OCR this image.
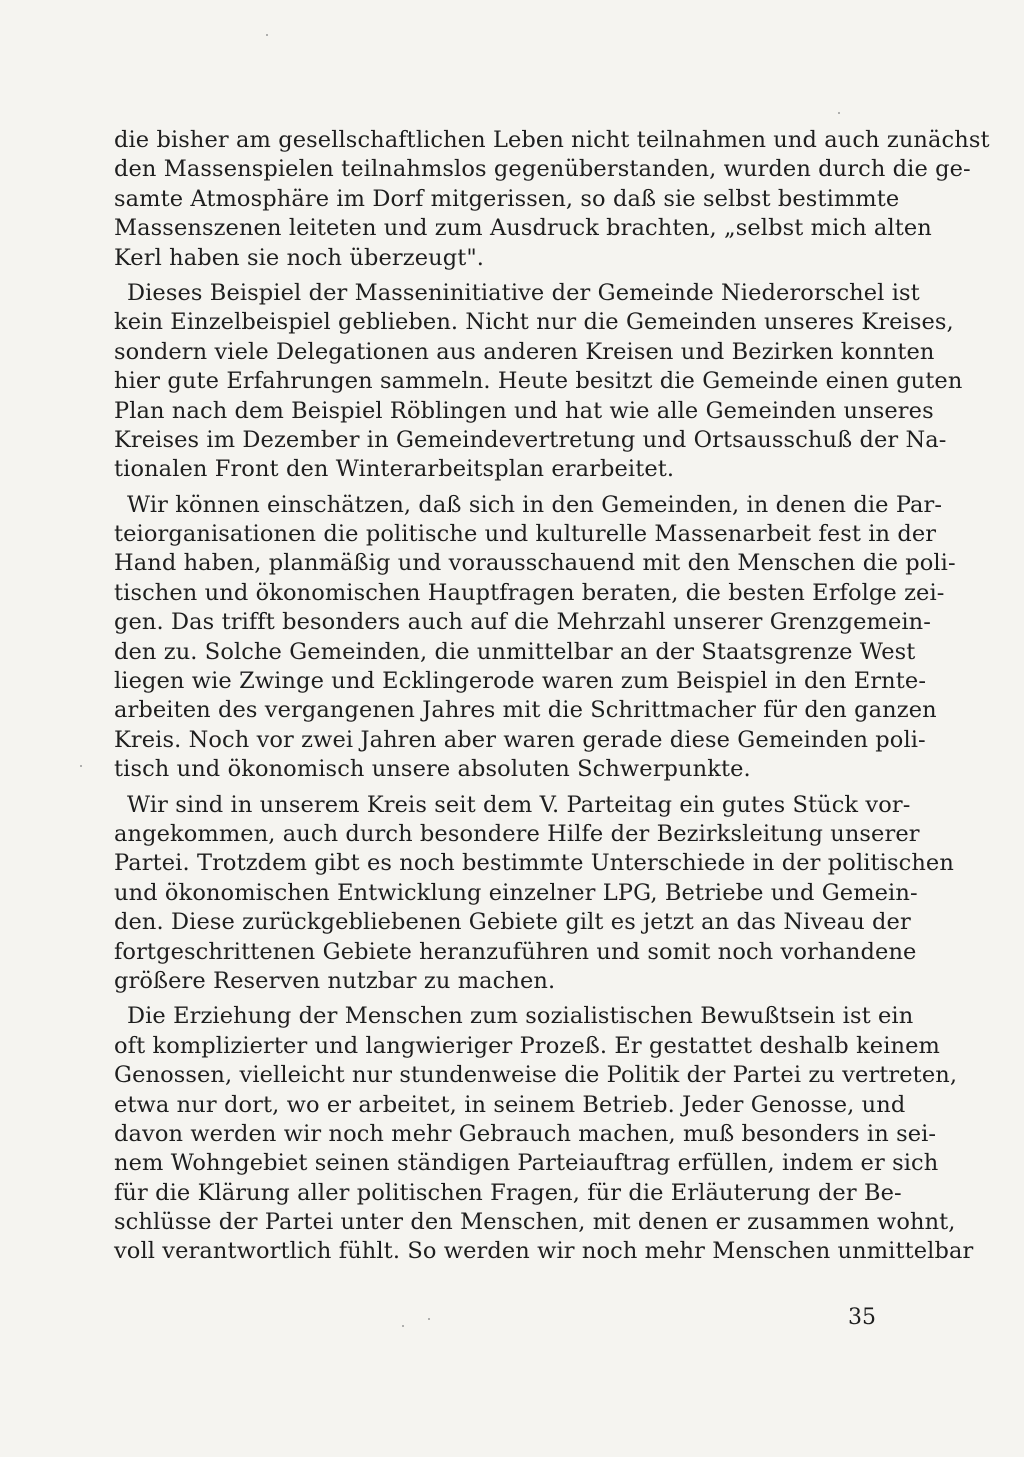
die bisher am gesellschaftlichen Leben nicht teilnahmen und auch zunächst
den Massenspielen teilnahmslos gegenüberstanden, wurden durch die ge-
samte Atmosphäre im Dorf mitgerissen, so daß sie selbst bestimmte
Massenszenen leiteten und zum Ausdruck brachten, „selbst mich alten
Kerl haben sie noch überzeugt".
Dieses Beispiel der Masseninitiative der Gemeinde Niederorschel ist
kein Einzelbeispiel geblieben. Nicht nur die Gemeinden unseres Kreises,
sondern viele Delegationen aus anderen Kreisen und Bezirken konnten
hier gute Erfahrungen sammeln. Heute besitzt die Gemeinde einen guten
Plan nach dem Beispiel Röblingen und hat wie alle Gemeinden unseres
Kreises im Dezember in Gemeindevertretung und Ortsausschuß der Na-
tionalen Front den Winterarbeitsplan erarbeitet.
Wir können einschätzen, daß sich in den Gemeinden, in denen die Par-
teiorganisationen die politische und kulturelle Massenarbeit fest in der
Hand haben, planmäßig und vorausschauend mit den Menschen die poli-
tischen und ökonomischen Hauptfragen beraten, die besten Erfolge zei-
gen. Das trifft besonders auch auf die Mehrzahl unserer Grenzgemein-
den zu. Solche Gemeinden, die unmittelbar an der Staatsgrenze West
liegen wie Zwinge und Ecklingerode waren zum Beispiel in den Ernte-
arbeiten des vergangenen Jahres mit die Schrittmacher für den ganzen
Kreis. Noch vor zwei Jahren aber waren gerade diese Gemeinden poli-
tisch und ökonomisch unsere absoluten Schwerpunkte.
Wir sind in unserem Kreis seit dem V. Parteitag ein gutes Stück vor-
angekommen, auch durch besondere Hilfe der Bezirksleitung unserer
Partei. Trotzdem gibt es noch bestimmte Unterschiede in der politischen
und ökonomischen Entwicklung einzelner LPG, Betriebe und Gemein-
den. Diese zurückgebliebenen Gebiete gilt es jetzt an das Niveau der
fortgeschrittenen Gebiete heranzuführen und somit noch vorhandene
größere Reserven nutzbar zu machen.
Die Erziehung der Menschen zum sozialistischen Bewußtsein ist ein
oft komplizierter und langwieriger Prozeß. Er gestattet deshalb keinem
Genossen, vielleicht nur stundenweise die Politik der Partei zu vertreten,
etwa nur dort, wo er arbeitet, in seinem Betrieb. Jeder Genosse, und
davon werden wir noch mehr Gebrauch machen, muß besonders in sei-
nem Wohngebiet seinen ständigen Parteiauftrag erfüllen, indem er sich
für die Klärung aller politischen Fragen, für die Erläuterung der Be-
schlüsse der Partei unter den Menschen, mit denen er zusammen wohnt,
voll verantwortlich fühlt. So werden wir noch mehr Menschen unmittelbar
35
